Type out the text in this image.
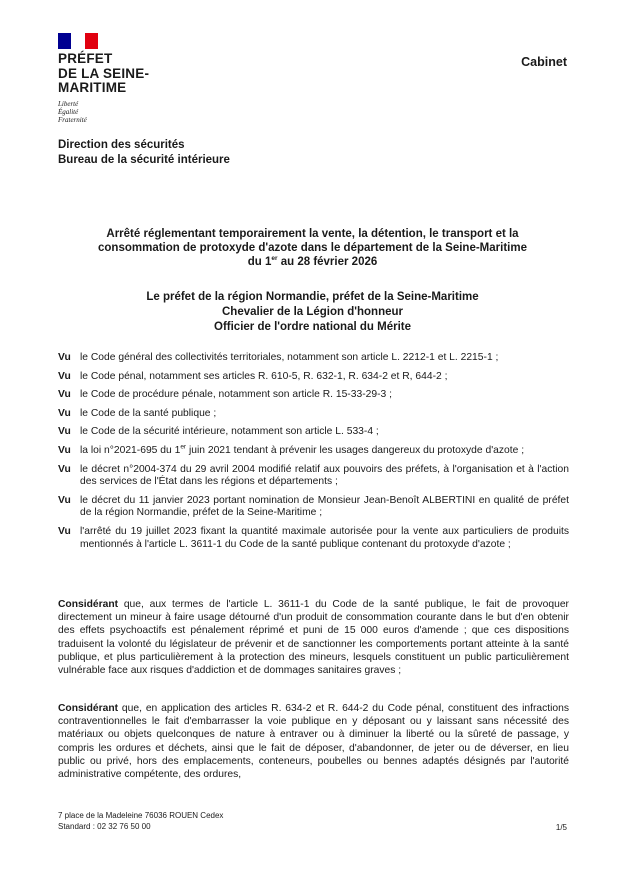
PRÉFET
DE LA SEINE-
MARITIME
Liberté
Égalité
Fraternité
Cabinet
Direction des sécurités
Bureau de la sécurité intérieure
Arrêté réglementant temporairement la vente, la détention, le transport et la
consommation de protoxyde d'azote dans le département de la Seine-Maritime
du 1er au 28 février 2026
Le préfet de la région Normandie, préfet de la Seine-Maritime
Chevalier de la Légion d'honneur
Officier de l'ordre national du Mérite
Vu le Code général des collectivités territoriales, notamment son article L. 2212-1 et L. 2215-1 ;
Vu le Code pénal, notamment ses articles R. 610-5, R. 632-1, R. 634-2 et R, 644-2 ;
Vu le Code de procédure pénale, notamment son article R. 15-33-29-3 ;
Vu le Code de la santé publique ;
Vu le Code de la sécurité intérieure, notamment son article L. 533-4 ;
Vu la loi n°2021-695 du 1er juin 2021 tendant à prévenir les usages dangereux du protoxyde d'azote ;
Vu le décret n°2004-374 du 29 avril 2004 modifié relatif aux pouvoirs des préfets, à l'organisation et à l'action des services de l'État dans les régions et départements ;
Vu le décret du 11 janvier 2023 portant nomination de Monsieur Jean-Benoît ALBERTINI en qualité de préfet de la région Normandie, préfet de la Seine-Maritime ;
Vu l'arrêté du 19 juillet 2023 fixant la quantité maximale autorisée pour la vente aux particuliers de produits mentionnés à l'article L. 3611-1 du Code de la santé publique contenant du protoxyde d'azote ;
Considérant que, aux termes de l'article L. 3611-1 du Code de la santé publique, le fait de provoquer directement un mineur à faire usage détourné d'un produit de consommation courante dans le but d'en obtenir des effets psychoactifs est pénalement réprimé et puni de 15 000 euros d'amende ; que ces dispositions traduisent la volonté du législateur de prévenir et de sanctionner les comportements portant atteinte à la santé publique, et plus particulièrement à la protection des mineurs, lesquels constituent un public particulièrement vulnérable face aux risques d'addiction et de dommages sanitaires graves ;
Considérant que, en application des articles R. 634-2 et R. 644-2 du Code pénal, constituent des infractions contraventionnelles le fait d'embarrasser la voie publique en y déposant ou y laissant sans nécessité des matériaux ou objets quelconques de nature à entraver ou à diminuer la liberté ou la sûreté de passage, y compris les ordures et déchets, ainsi que le fait de déposer, d'abandonner, de jeter ou de déverser, en lieu public ou privé, hors des emplacements, conteneurs, poubelles ou bennes adaptés désignés par l'autorité administrative compétente, des ordures,
7 place de la Madeleine 76036 ROUEN Cedex
Standard : 02 32 76 50 00	1/5
